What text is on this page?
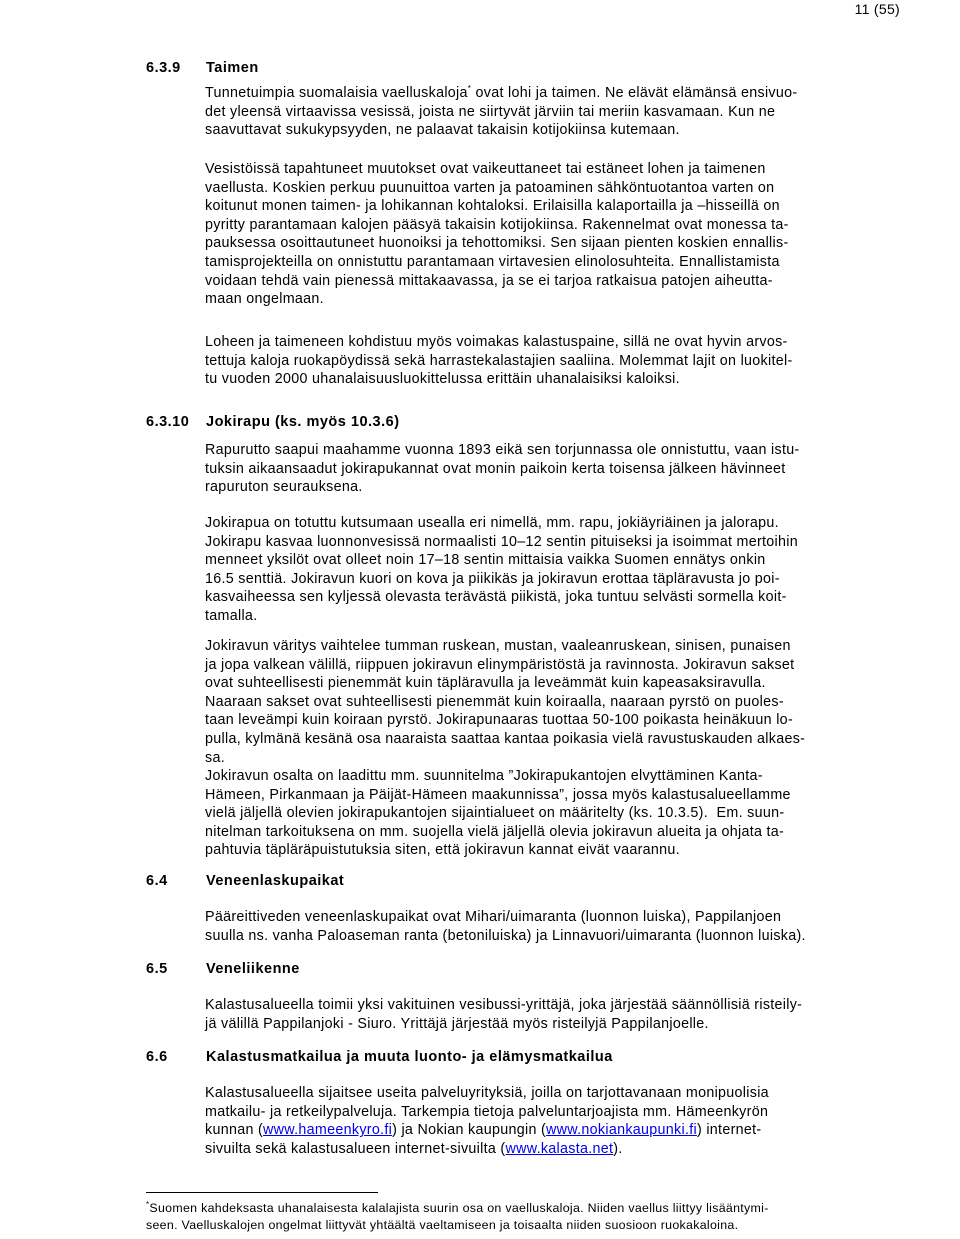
11 (55)
6.3.9 Taimen
Tunnetuimpia suomalaisia vaelluskaloja* ovat lohi ja taimen. Ne elävät elämänsä ensivuo-
det yleensä virtaavissa vesissä, joista ne siirtyvät järviin tai meriin kasvamaan. Kun ne
saavuttavat sukukypsyyden, ne palaavat takaisin kotijokiinsa kutemaan.
Vesistöissä tapahtuneet muutokset ovat vaikeuttaneet tai estäneet lohen ja taimenen
vaellusta. Koskien perkuu puunuittoa varten ja patoaminen sähköntuotantoa varten on
koitunut monen taimen- ja lohikannan kohtaloksi. Erilaisilla kalaportailla ja –hisseillä on
pyritty parantamaan kalojen pääsyä takaisin kotijokiinsa. Rakennelmat ovat monessa ta-
pauksessa osoittautuneet huonoiksi ja tehottomiksi. Sen sijaan pienten koskien ennallis-
tamisprojekteilla on onnistuttu parantamaan virtavesien elinolosuhteita. Ennallistamista
voidaan tehdä vain pienessä mittakaavassa, ja se ei tarjoa ratkaisua patojen aiheutta-
maan ongelmaan.
Loheen ja taimeneen kohdistuu myös voimakas kalastuspaine, sillä ne ovat hyvin arvos-
tettuja kaloja ruokapöydissä sekä harrastekalastajien saaliina. Molemmat lajit on luokitel-
tu vuoden 2000 uhanalaisuusluokittelussa erittäin uhanalaisiksi kaloiksi.
6.3.10 Jokirapu (ks. myös 10.3.6)
Rapurutto saapui maahamme vuonna 1893 eikä sen torjunnassa ole onnistuttu, vaan istu-
tuksin aikaansaadut jokirapukannat ovat monin paikoin kerta toisensa jälkeen hävinneet
rapuruton seurauksena.
Jokirapua on totuttu kutsumaan usealla eri nimellä, mm. rapu, jokiäyriäinen ja jalorapu.
Jokirapu kasvaa luonnonvesissä normaalisti 10–12 sentin pituiseksi ja isoimmat mertoihin
menneet yksilöt ovat olleet noin 17–18 sentin mittaisia vaikka Suomen ennätys onkin
16.5 senttiä. Jokiravun kuori on kova ja piikikäs ja jokiravun erottaa täpläravusta jo poi-
kasvaiheessa sen kyljessä olevasta terävästä piikistä, joka tuntuu selvästi sormella koit-
tamalla.
Jokiravun väritys vaihtelee tumman ruskean, mustan, vaaleanruskean, sinisen, punaisen
ja jopa valkean välillä, riippuen jokiravun elinympäristöstä ja ravinnosta. Jokiravun sakset
ovat suhteellisesti pienemmät kuin täpläravulla ja leveämmät kuin kapeasaksiravulla.
Naaraan sakset ovat suhteellisesti pienemmät kuin koiraalla, naaraan pyrstö on puoles-
taan leveämpi kuin koiraan pyrstö. Jokirapunaaras tuottaa 50-100 poikasta heinäkuun lo-
pulla, kylmänä kesänä osa naaraista saattaa kantaa poikasia vielä ravustuskauden alkaes-
sa.
Jokiravun osalta on laadittu mm. suunnitelma ”Jokirapukantojen elvyttäminen Kanta-
Hämeen, Pirkanmaan ja Päijät-Hämeen maakunnissa”, jossa myös kalastusalueellamme
vielä jäljellä olevien jokirapukantojen sijaintialueet on määritelty (ks. 10.3.5).  Em. suun-
nitelman tarkoituksena on mm. suojella vielä jäljellä olevia jokiravun alueita ja ohjata ta-
pahtuvia täpläräpuistutuksia siten, että jokiravun kannat eivät vaarannu.
6.4	Veneenlaskupaikat
Pääreittiveden veneenlaskupaikat ovat Mihari/uimaranta (luonnon luiska), Pappilanjoen
suulla ns. vanha Paloaseman ranta (betoniluiska) ja Linnavuori/uimaranta (luonnon luiska).
6.5	Veneliikenne
Kalastusalueella toimii yksi vakituinen vesibussi-yrittäjä, joka järjestää säännöllisiä risteily-
jä välillä Pappilanjoki - Siuro. Yrittäjä järjestää myös risteilyjä Pappilanjoelle.
6.6	Kalastusmatkailua ja muuta luonto- ja elämysmatkailua
Kalastusalueella sijaitsee useita palveluyrityksiä, joilla on tarjottavanaan monipuolisia
matkailu- ja retkeilypalveluja. Tarkempia tietoja palveluntarjoajista mm. Hämeenkyrön
kunnan (www.hameenkyro.fi) ja Nokian kaupungin (www.nokiankaupunki.fi) internet-
sivuilta sekä kalastusalueen internet-sivuilta (www.kalasta.net).
*Suomen kahdeksasta uhanalaisesta kalalajista suurin osa on vaelluskaloja. Niiden vaellus liittyy lisääntymi-
seen. Vaelluskalojen ongelmat liittyvät yhtäältä vaeltamiseen ja toisaalta niiden suosioon ruokakaloina.
